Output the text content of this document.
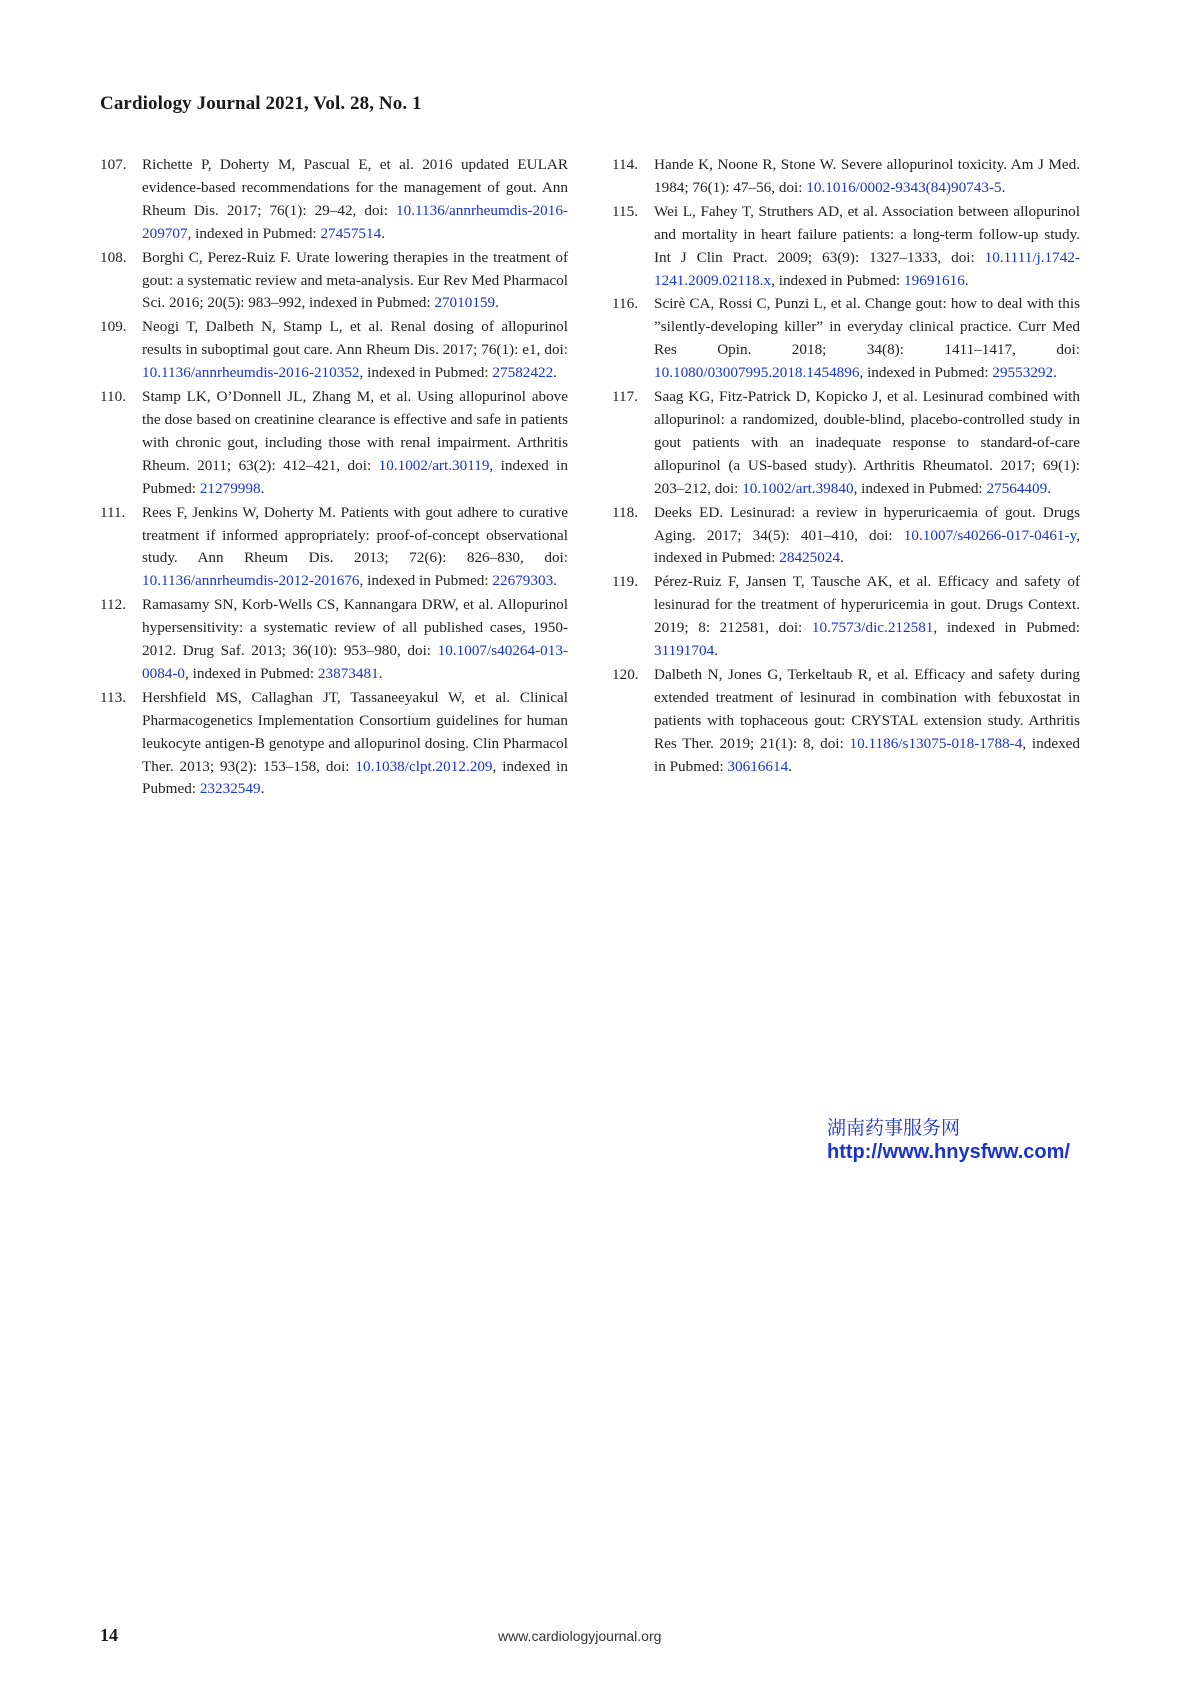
Cardiology Journal 2021, Vol. 28, No. 1
107.	Richette P, Doherty M, Pascual E, et al. 2016 updated EULAR evidence-based recommendations for the management of gout. Ann Rheum Dis. 2017; 76(1): 29–42, doi: 10.1136/annrheumdis-2016-209707, indexed in Pubmed: 27457514.
108.	Borghi C, Perez-Ruiz F. Urate lowering therapies in the treatment of gout: a systematic review and meta-analysis. Eur Rev Med Pharmacol Sci. 2016; 20(5): 983–992, indexed in Pubmed: 27010159.
109.	Neogi T, Dalbeth N, Stamp L, et al. Renal dosing of allopurinol results in suboptimal gout care. Ann Rheum Dis. 2017; 76(1): e1, doi: 10.1136/annrheumdis-2016-210352, indexed in Pubmed: 27582422.
110.	Stamp LK, O’Donnell JL, Zhang M, et al. Using allopurinol above the dose based on creatinine clearance is effective and safe in patients with chronic gout, including those with renal impairment. Arthritis Rheum. 2011; 63(2): 412–421, doi: 10.1002/art.30119, indexed in Pubmed: 21279998.
111.	Rees F, Jenkins W, Doherty M. Patients with gout adhere to curative treatment if informed appropriately: proof-of-concept observational study. Ann Rheum Dis. 2013; 72(6): 826–830, doi: 10.1136/annrheumdis-2012-201676, indexed in Pubmed: 22679303.
112.	Ramasamy SN, Korb-Wells CS, Kannangara DRW, et al. Allopurinol hypersensitivity: a systematic review of all published cases, 1950-2012. Drug Saf. 2013; 36(10): 953–980, doi: 10.1007/s40264-013-0084-0, indexed in Pubmed: 23873481.
113.	Hershfield MS, Callaghan JT, Tassaneeyakul W, et al. Clinical Pharmacogenetics Implementation Consortium guidelines for human leukocyte antigen-B genotype and allopurinol dosing. Clin Pharmacol Ther. 2013; 93(2): 153–158, doi: 10.1038/clpt.2012.209, indexed in Pubmed: 23232549.
114.	Hande K, Noone R, Stone W. Severe allopurinol toxicity. Am J Med. 1984; 76(1): 47–56, doi: 10.1016/0002-9343(84)90743-5.
115.	Wei L, Fahey T, Struthers AD, et al. Association between allopurinol and mortality in heart failure patients: a long-term follow-up study. Int J Clin Pract. 2009; 63(9): 1327–1333, doi: 10.1111/j.1742-1241.2009.02118.x, indexed in Pubmed: 19691616.
116.	Scirè CA, Rossi C, Punzi L, et al. Change gout: how to deal with this ”silently-developing killer” in everyday clinical practice. Curr Med Res Opin. 2018; 34(8): 1411–1417, doi: 10.1080/03007995.2018.1454896, indexed in Pubmed: 29553292.
117.	Saag KG, Fitz-Patrick D, Kopicko J, et al. Lesinurad combined with allopurinol: a randomized, double-blind, placebo-controlled study in gout patients with an inadequate response to standard-of-care allopurinol (a US-based study). Arthritis Rheumatol. 2017; 69(1): 203–212, doi: 10.1002/art.39840, indexed in Pubmed: 27564409.
118.	Deeks ED. Lesinurad: a review in hyperuricaemia of gout. Drugs Aging. 2017; 34(5): 401–410, doi: 10.1007/s40266-017-0461-y, indexed in Pubmed: 28425024.
119.	Pérez-Ruiz F, Jansen T, Tausche AK, et al. Efficacy and safety of lesinurad for the treatment of hyperuricemia in gout. Drugs Context. 2019; 8: 212581, doi: 10.7573/dic.212581, indexed in Pubmed: 31191704.
120.	Dalbeth N, Jones G, Terkeltaub R, et al. Efficacy and safety during extended treatment of lesinurad in combination with febuxostat in patients with tophaceous gout: CRYSTAL extension study. Arthritis Res Ther. 2019; 21(1): 8, doi: 10.1186/s13075-018-1788-4, indexed in Pubmed: 30616614.
湖南药事服务网
http://www.hnysfww.com/
14	www.cardiologyjournal.org
